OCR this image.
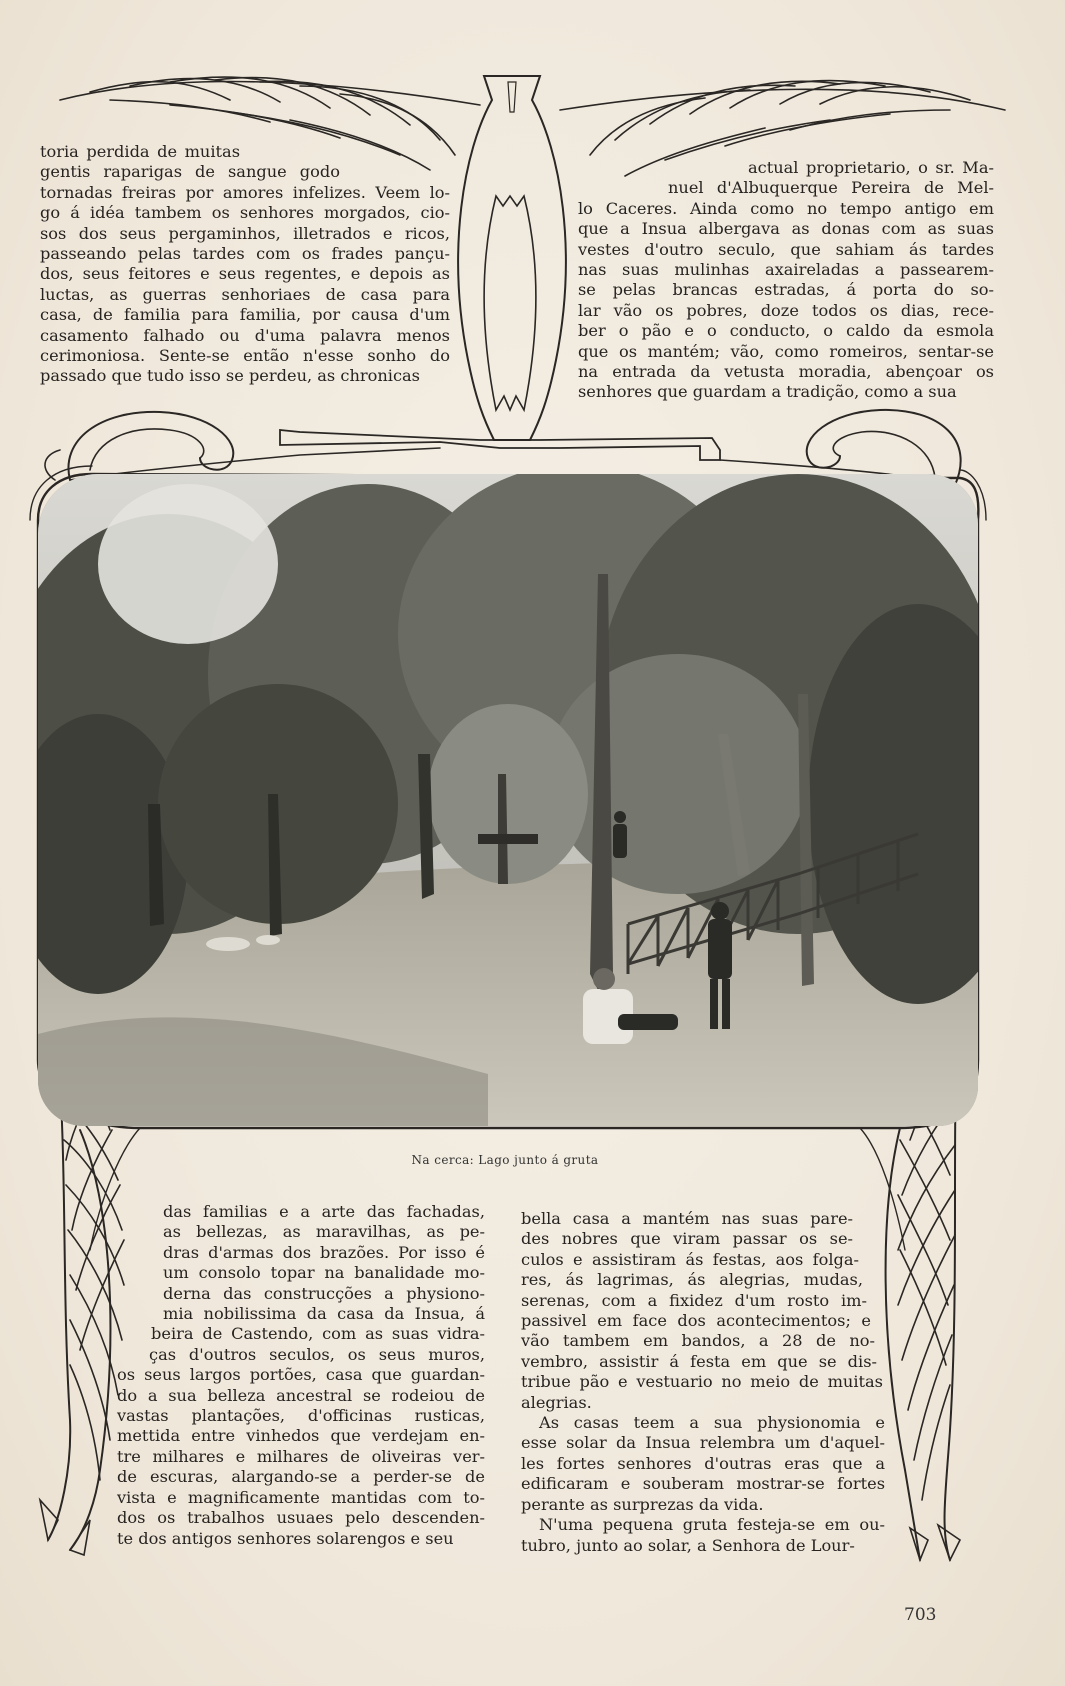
Na cerca: Lago junto á gruta
toria perdida de muitas
gentis raparigas de sangue godo
tornadas freiras por amores infelizes. Veem lo-
go á idéa tambem os senhores morgados, cio-
sos dos seus pergaminhos, illetrados e ricos,
passeando pelas tardes com os frades pançu-
dos, seus feitores e seus regentes, e depois as
luctas, as guerras senhoriaes de casa para
casa, de familia para familia, por causa d'um
casamento falhado ou d'uma palavra menos
cerimoniosa. Sente-se então n'esse sonho do
passado que tudo isso se perdeu, as chronicas
actual proprietario, o sr. Ma-
nuel d'Albuquerque Pereira de Mel-
lo Caceres. Ainda como no tempo antigo em
que a Insua albergava as donas com as suas
vestes d'outro seculo, que sahiam ás tardes
nas suas mulinhas axaireladas a passearem-
se pelas brancas estradas, á porta do so-
lar vão os pobres, doze todos os dias, rece-
ber o pão e o conducto, o caldo da esmola
que os mantém; vão, como romeiros, sentar-se
na entrada da vetusta moradia, abençoar os
senhores que guardam a tradição, como a sua
das familias e a arte das fachadas,
as bellezas, as maravilhas, as pe-
dras d'armas dos brazões. Por isso é
um consolo topar na banalidade mo-
derna das construcções a physiono-
mia nobilissima da casa da Insua, á
beira de Castendo, com as suas vidra-
ças d'outros seculos, os seus muros,
os seus largos portões, casa que guardan-
do a sua belleza ancestral se rodeiou de
vastas plantações, d'officinas rusticas,
mettida entre vinhedos que verdejam en-
tre milhares e milhares de oliveiras ver-
de escuras, alargando-se a perder-se de
vista e magnificamente mantidas com to-
dos os trabalhos usuaes pelo descenden-
te dos antigos senhores solarengos e seu
bella casa a mantém nas suas pare-
des nobres que viram passar os se-
culos e assistiram ás festas, aos folga-
res, ás lagrimas, ás alegrias, mudas,
serenas, com a fixidez d'um rosto im-
passivel em face dos acontecimentos; e
vão tambem em bandos, a 28 de no-
vembro, assistir á festa em que se dis-
tribue pão e vestuario no meio de muitas
alegrias.
As casas teem a sua physionomia e
esse solar da Insua relembra um d'aquel-
les fortes senhores d'outras eras que a
edificaram e souberam mostrar-se fortes
perante as surprezas da vida.
N'uma pequena gruta festeja-se em ou-
tubro, junto ao solar, a Senhora de Lour-
703
